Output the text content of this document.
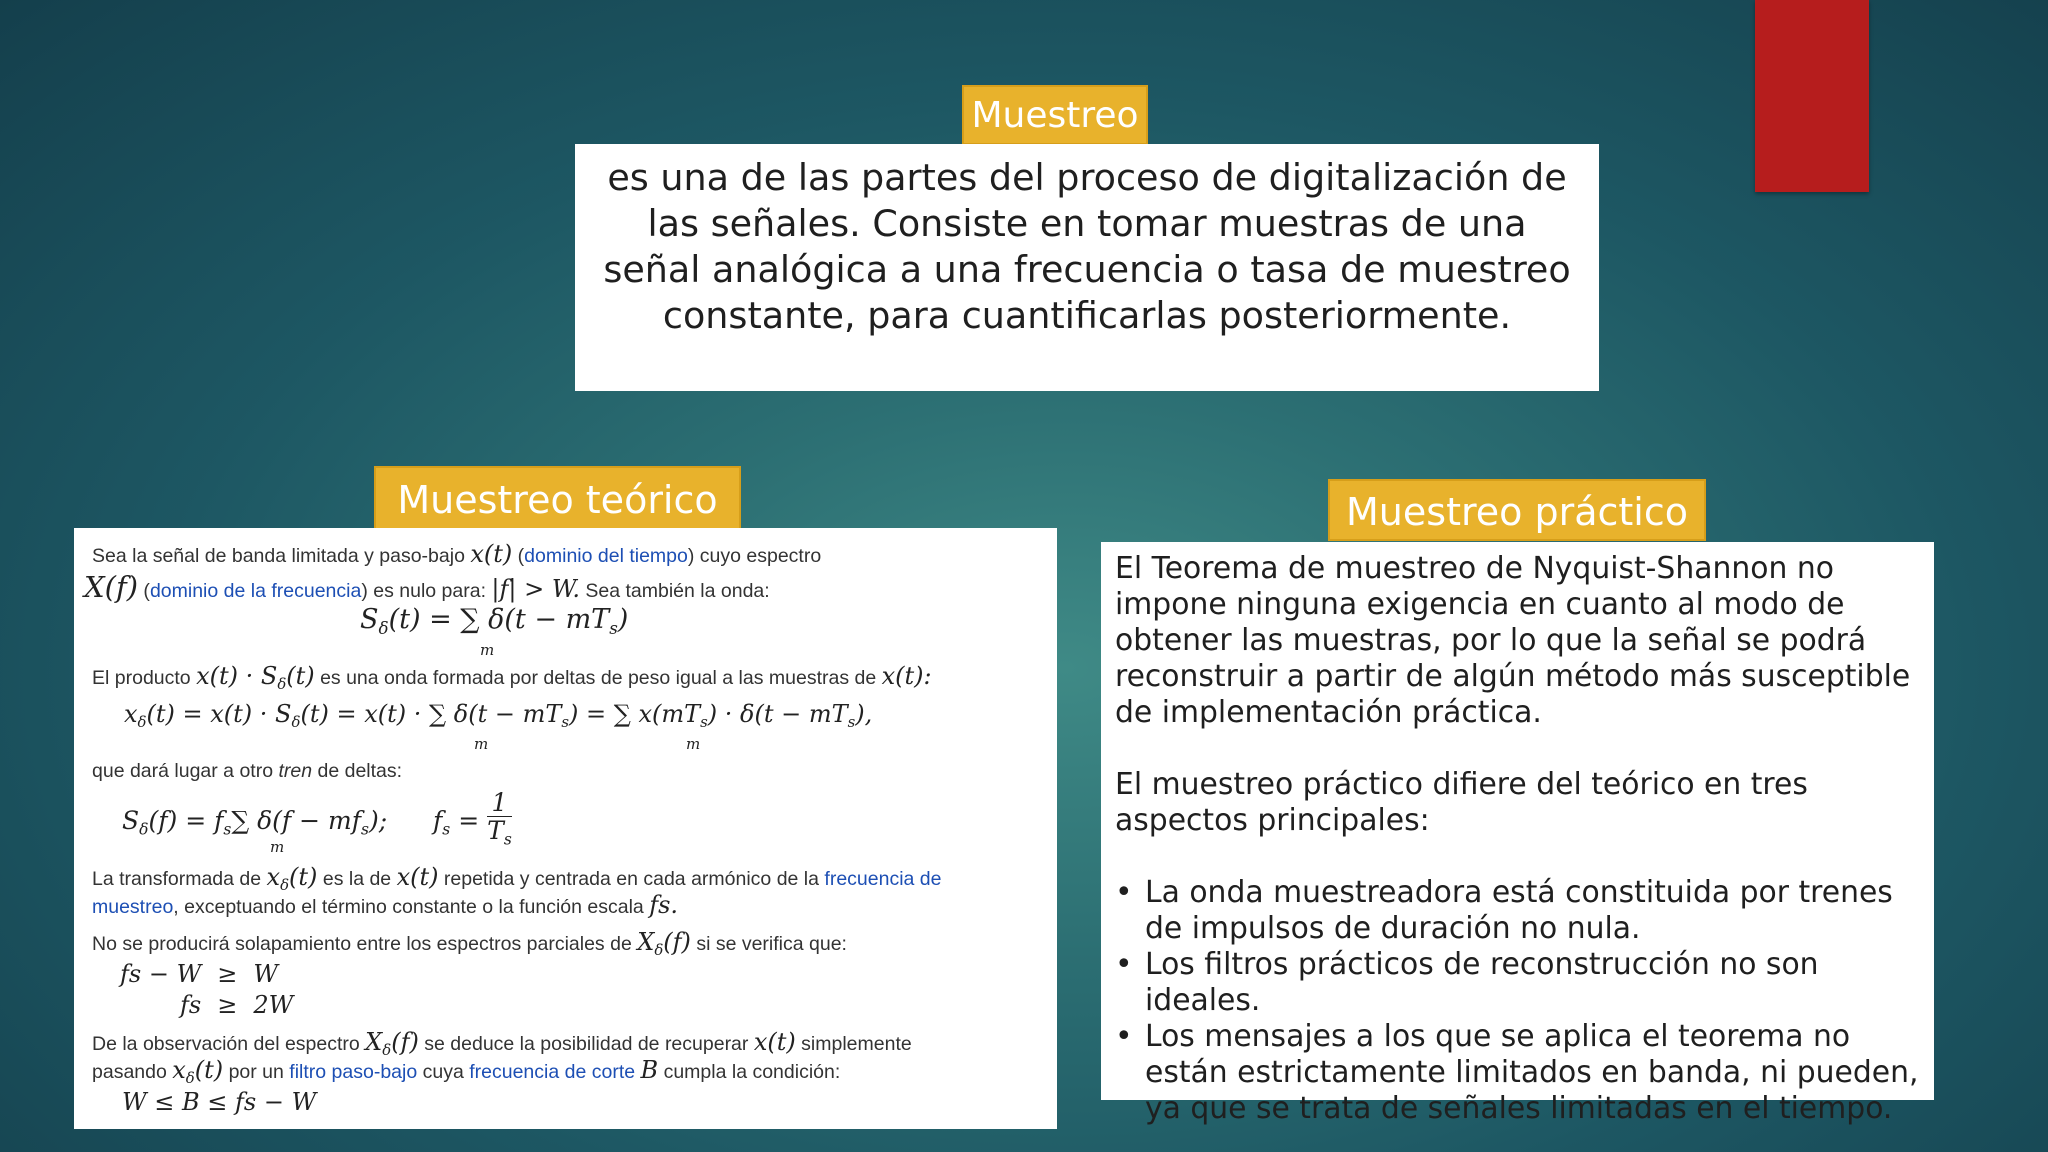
Muestreo
es una de las partes del proceso de digitalización de las señales. Consiste en tomar muestras de una señal analógica a una frecuencia o tasa de muestreo constante, para cuantificarlas posteriormente.
Muestreo teórico
Sea la señal de banda limitada y paso-bajo x(t) (dominio del tiempo) cuyo espectro
X(f) (dominio de la frecuencia) es nulo para: |f| > W. Sea también la onda:
$S_\delta(t)$ = ∑ $\delta(t - mT_s)$
m
El producto $x(t) \cdot S_\delta(t)$ es una onda formada por deltas de peso igual a las muestras de x(t):
$x_\delta(t) = x(t) \cdot S_\delta(t) = x(t)$ · ∑ $\delta(t - mT_s)$ = ∑ $x(mT_s) \cdot \delta(t - mT_s)$,
m	m
que dará lugar a otro tren de deltas:
$S_\delta(f) = f_s\sum$ $\delta(f - mf_s)$; $f_s = \frac{1}{T_s}$
m
La transformada de $x_\delta(t)$ es la de x(t) repetida y centrada en cada armónico de la frecuencia de
muestreo, exceptuando el término constante o la función escala fs.
No se producirá solapamiento entre los espectros parciales de $X_\delta(f)$ si se verifica que:
fs − W	≥	W
fs	≥	2W
De la observación del espectro $X_\delta(f)$ se deduce la posibilidad de recuperar x(t) simplemente
pasando $x_\delta(t)$ por un filtro paso-bajo cuya frecuencia de corte B cumpla la condición:
W ≤ B ≤ fs − W
Muestreo práctico

El Teorema de muestreo de Nyquist-Shannon no impone ninguna exigencia en cuanto al modo de obtener las muestras, por lo que la señal se podrá reconstruir a partir de algún método más susceptible de implementación práctica.

El muestreo práctico difiere del teórico en tres aspectos principales:

• La onda muestreadora está constituida por trenes de impulsos de duración no nula.
• Los filtros prácticos de reconstrucción no son ideales.
• Los mensajes a los que se aplica el teorema no están estrictamente limitados en banda, ni pueden, ya que se trata de señales limitadas en el tiempo.
